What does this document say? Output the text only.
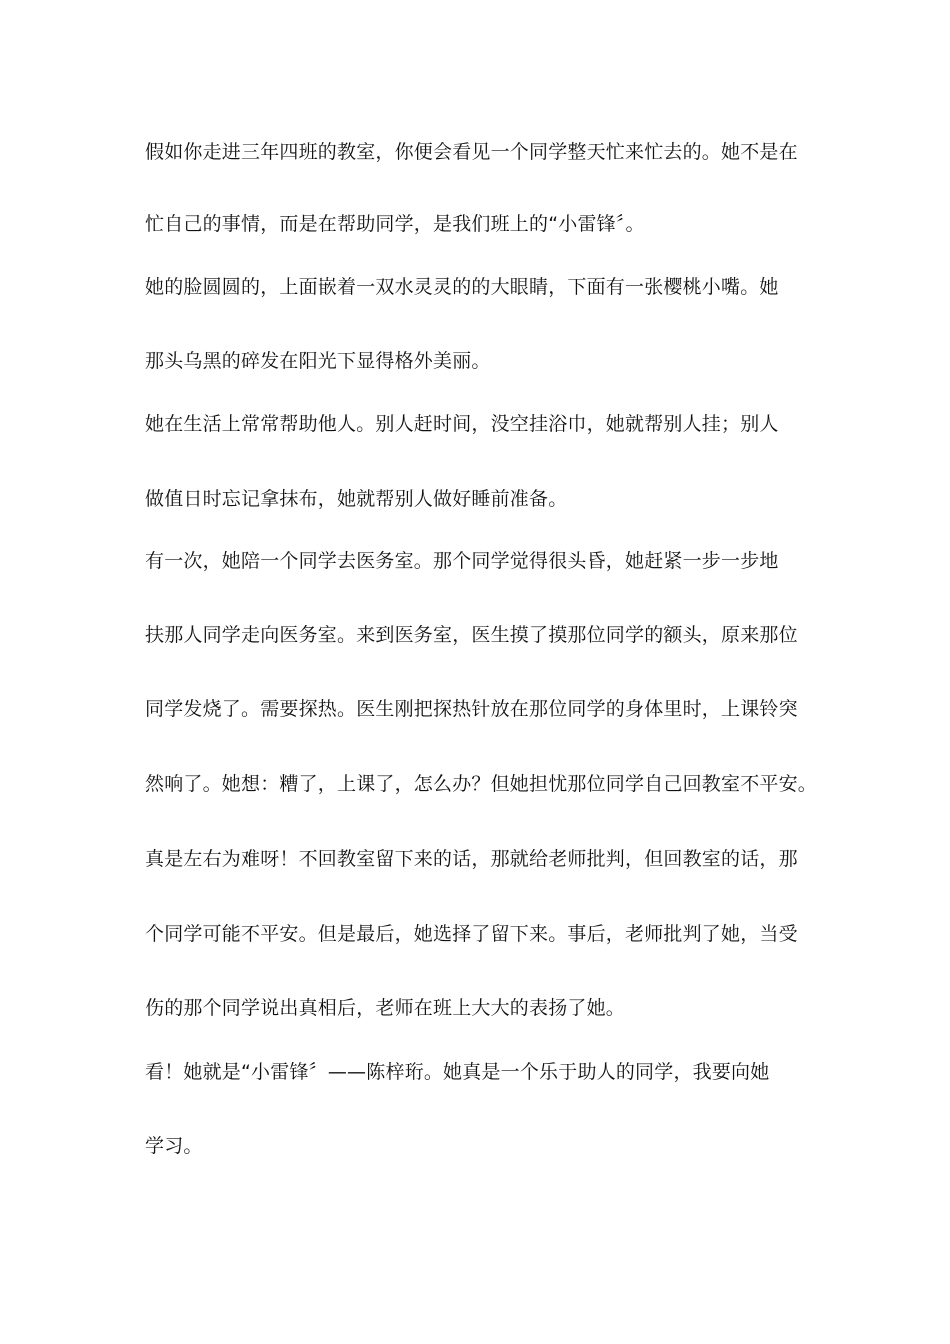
假如你走进三年四班的教室，你便会看见一个同学整天忙来忙去的。她不是在
忙自己的事情，而是在帮助同学，是我们班上的“小雷锋〞。
她的脸圆圆的，上面嵌着一双水灵灵的的大眼睛，下面有一张樱桃小嘴。她
那头乌黑的碎发在阳光下显得格外美丽。
她在生活上常常帮助他人。别人赶时间，没空挂浴巾，她就帮别人挂；别人
做值日时忘记拿抹布，她就帮别人做好睡前准备。
有一次，她陪一个同学去医务室。那个同学觉得很头昏，她赶紧一步一步地
扶那人同学走向医务室。来到医务室，医生摸了摸那位同学的额头，原来那位
同学发烧了。需要探热。医生刚把探热针放在那位同学的身体里时，上课铃突
然响了。她想：糟了，上课了，怎么办？但她担忧那位同学自己回教室不平安。
真是左右为难呀！不回教室留下来的话，那就给老师批判，但回教室的话，那
个同学可能不平安。但是最后，她选择了留下来。事后，老师批判了她，当受
伤的那个同学说出真相后，老师在班上大大的表扬了她。
看！她就是“小雷锋〞——陈梓珩。她真是一个乐于助人的同学，我要向她
学习。
